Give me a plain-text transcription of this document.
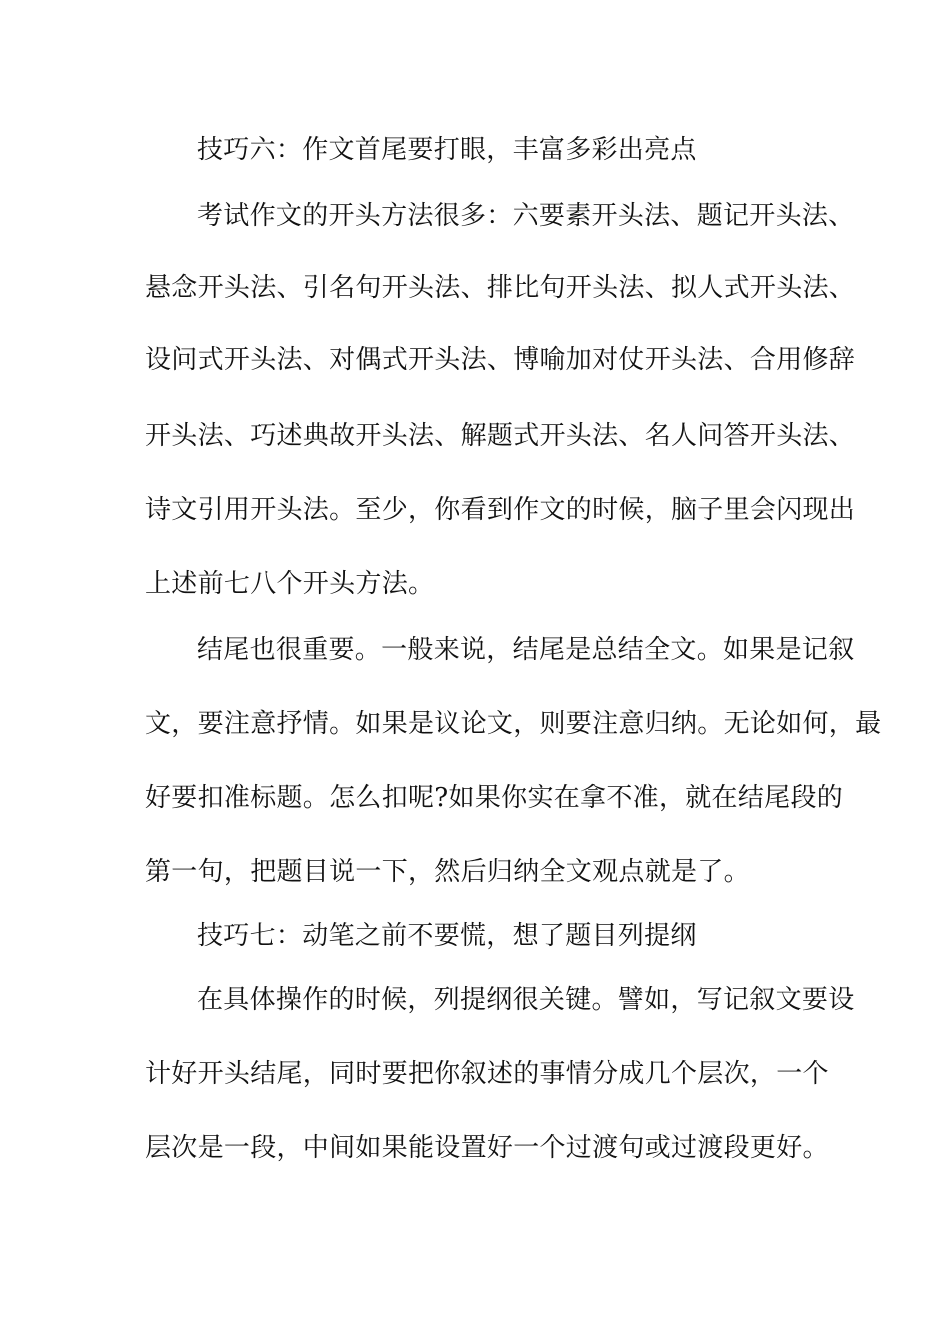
技巧六：作文首尾要打眼，丰富多彩出亮点
考试作文的开头方法很多：六要素开头法、题记开头法、
悬念开头法、引名句开头法、排比句开头法、拟人式开头法、
设问式开头法、对偶式开头法、博喻加对仗开头法、合用修辞
开头法、巧述典故开头法、解题式开头法、名人问答开头法、
诗文引用开头法。至少，你看到作文的时候，脑子里会闪现出
上述前七八个开头方法。
结尾也很重要。一般来说，结尾是总结全文。如果是记叙
文，要注意抒情。如果是议论文，则要注意归纳。无论如何，最
好要扣准标题。怎么扣呢?如果你实在拿不准，就在结尾段的
第一句，把题目说一下，然后归纳全文观点就是了。
技巧七：动笔之前不要慌，想了题目列提纲
在具体操作的时候，列提纲很关键。譬如，写记叙文要设
计好开头结尾，同时要把你叙述的事情分成几个层次，一个
层次是一段，中间如果能设置好一个过渡句或过渡段更好。
